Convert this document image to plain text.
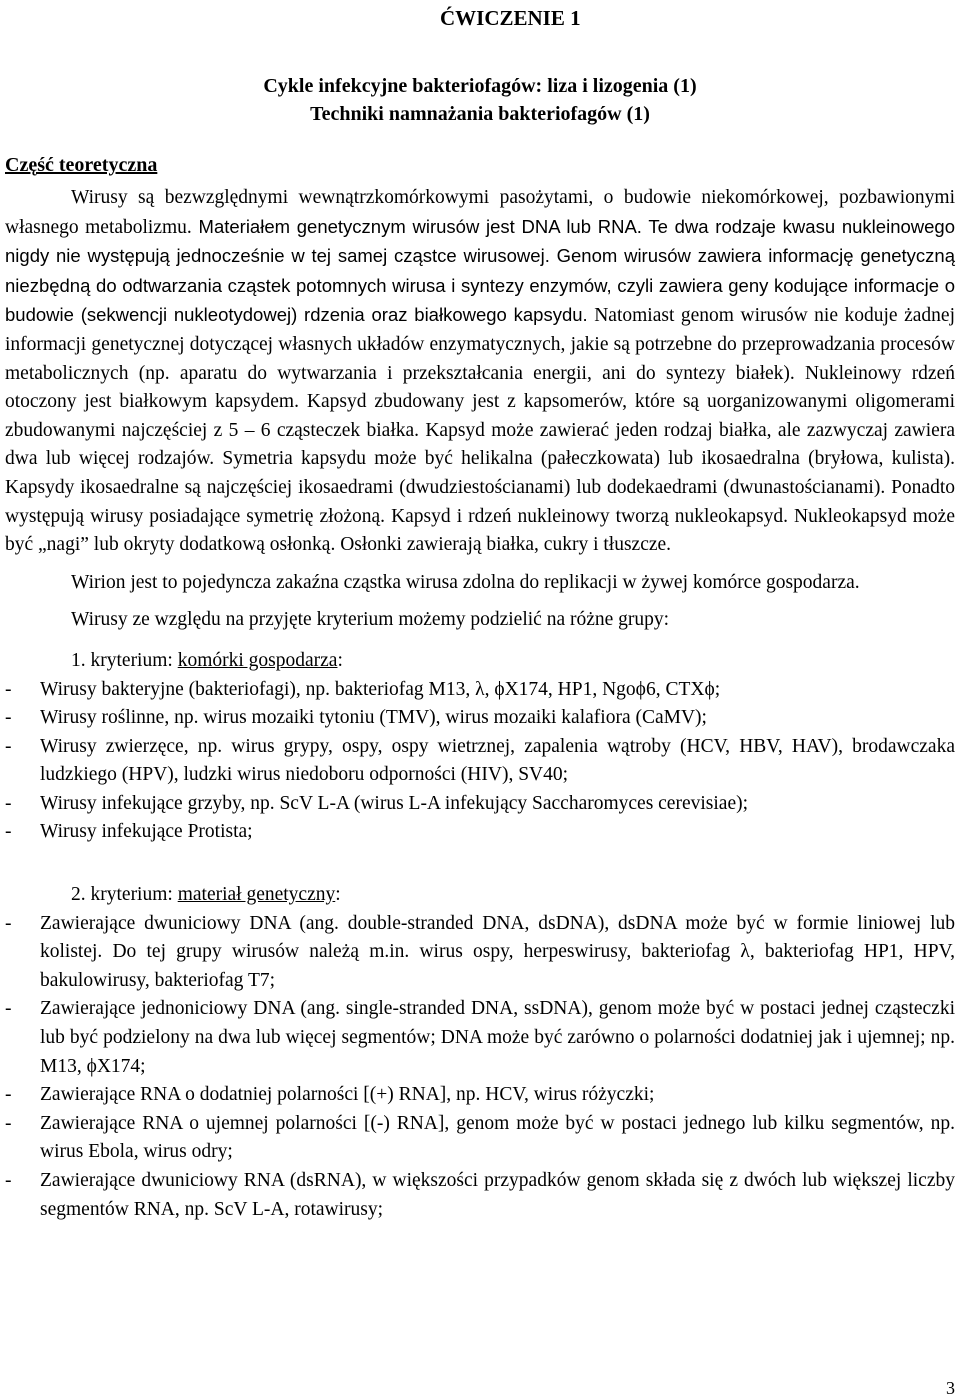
ĆWICZENIE 1
Cykle infekcyjne bakteriofagów: liza i lizogenia (1)
Techniki namnażania bakteriofagów (1)
Część teoretyczna

Wirusy są bezwzględnymi wewnątrzkomórkowymi pasożytami, o budowie niekomórkowej, pozbawionymi własnego metabolizmu. Materiałem genetycznym wirusów jest DNA lub RNA. Te dwa rodzaje kwasu nukleinowego nigdy nie występują jednocześnie w tej samej cząstce wirusowej. Genom wirusów zawiera informację genetyczną niezbędną do odtwarzania cząstek potomnych wirusa i syntezy enzymów, czyli zawiera geny kodujące informacje o budowie (sekwencji nukleotydowej) rdzenia oraz białkowego kapsydu. Natomiast genom wirusów nie koduje żadnej informacji genetycznej dotyczącej własnych układów enzymatycznych, jakie są potrzebne do przeprowadzania procesów metabolicznych (np. aparatu do wytwarzania i przekształcania energii, ani do syntezy białek). Nukleinowy rdzeń otoczony jest białkowym kapsydem. Kapsyd zbudowany jest z kapsomerów, które są uorganizowanymi oligomerami zbudowanymi najczęściej z 5 – 6 cząsteczek białka. Kapsyd może zawierać jeden rodzaj białka, ale zazwyczaj zawiera dwa lub więcej rodzajów. Symetria kapsydu może być helikalna (pałeczkowata) lub ikosaedralna (bryłowa, kulista). Kapsydy ikosaedralne są najczęściej ikosaedrami (dwudziestościanami) lub dodekaedrami (dwunastościanami). Ponadto występują wirusy posiadające symetrię złożoną. Kapsyd i rdzeń nukleinowy tworzą nukleokapsyd. Nukleokapsyd może być „nagi” lub okryty dodatkową osłonką. Osłonki zawierają białka, cukry i tłuszcze.

Wirion jest to pojedyncza zakaźna cząstka wirusa zdolna do replikacji w żywej komórce gospodarza.

Wirusy ze względu na przyjęte kryterium możemy podzielić na różne grupy:

1. kryterium: komórki gospodarza:
- Wirusy bakteryjne (bakteriofagi), np. bakteriofag M13, λ, ϕX174, HP1, Ngoϕ6, CTXϕ;
- Wirusy roślinne, np. wirus mozaiki tytoniu (TMV), wirus mozaiki kalafiora (CaMV);
- Wirusy zwierzęce, np. wirus grypy, ospy, ospy wietrznej, zapalenia wątroby (HCV, HBV, HAV), brodawczaka ludzkiego (HPV), ludzki wirus niedoboru odporności (HIV), SV40;
- Wirusy infekujące grzyby, np. ScV L-A (wirus L-A infekujący Saccharomyces cerevisiae);
- Wirusy infekujące Protista;
2. kryterium: materiał genetyczny:
- Zawierające dwuniciowy DNA (ang. double-stranded DNA, dsDNA), dsDNA może być w formie liniowej lub kolistej. Do tej grupy wirusów należą m.in. wirus ospy, herpeswirusy, bakteriofag λ, bakteriofag HP1, HPV, bakulowirusy, bakteriofag T7;
- Zawierające jednoniciowy DNA (ang. single-stranded DNA, ssDNA), genom może być w postaci jednej cząsteczki lub być podzielony na dwa lub więcej segmentów; DNA może być zarówno o polarności dodatniej jak i ujemnej; np. M13, ϕX174;
- Zawierające RNA o dodatniej polarności [(+) RNA], np. HCV, wirus różyczki;
- Zawierające RNA o ujemnej polarności [(-) RNA], genom może być w postaci jednego lub kilku segmentów, np. wirus Ebola, wirus odry;
- Zawierające dwuniciowy RNA (dsRNA), w większości przypadków genom składa się z dwóch lub większej liczby segmentów RNA, np. ScV L-A, rotawirusy;
3
